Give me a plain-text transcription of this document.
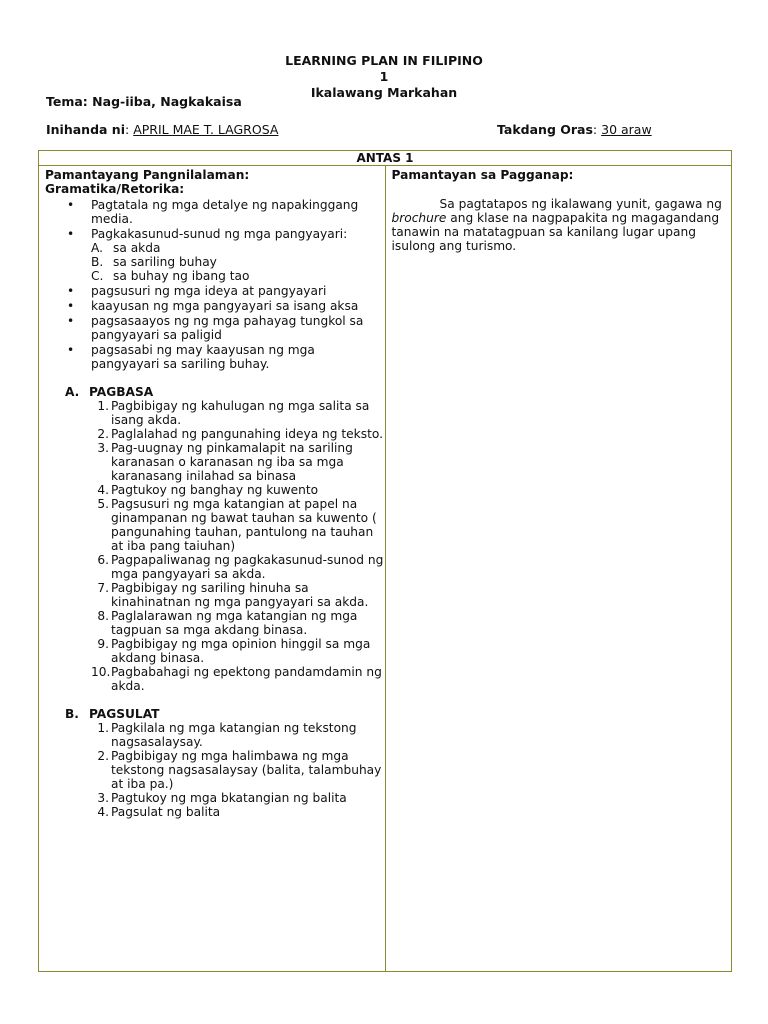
LEARNING PLAN IN FILIPINO
1
Ikalawang Markahan
Tema: Nag-iiba, Nagkakaisa
Inihanda ni: APRIL MAE T. LAGROSA	Takdang Oras: 30 araw
ANTAS 1

Pamantayang Pangnilalaman:
Gramatika/Retorika:
• Pagtatala ng mga detalye ng napakinggang media.
• Pagkakasunud-sunud ng mga pangyayari:
A. sa akda
B. sa sariling buhay
C. sa buhay ng ibang tao
• pagsusuri ng mga ideya at pangyayari
• kaayusan ng mga pangyayari sa isang aksa
• pagsasaayos ng ng mga pahayag tungkol sa pangyayari sa paligid
• pagsasabi ng may kaayusan ng mga pangyayari sa sariling buhay.
A. PAGBASA
1. Pagbibigay ng kahulugan ng mga salita sa isang akda.
2. Paglalahad ng pangunahing ideya ng teksto.
3. Pag-uugnay ng pinkamalapit na sariling karanasan o karanasan ng iba sa mga karanasang inilahad sa binasa
4. Pagtukoy ng banghay ng kuwento
5. Pagsusuri ng mga katangian at papel na ginampanan ng bawat tauhan sa kuwento ( pangunahing tauhan, pantulong na tauhan at iba pang taiuhan)
6. Pagpapaliwanag ng pagkakasunud-sunod ng mga pangyayari sa akda.
7. Pagbibigay ng sariling hinuha sa kinahinatnan ng mga pangyayari sa akda.
8. Paglalarawan ng mga katangian ng mga tagpuan sa mga akdang binasa.
9. Pagbibigay ng mga opinion hinggil sa mga akdang binasa.
10. Pagbabahagi ng epektong pandamdamin ng akda.
B. PAGSULAT
1. Pagkilala ng mga katangian ng tekstong nagsasalaysay.
2. Pagbibigay ng mga halimbawa ng mga tekstong nagsasalaysay (balita, talambuhay at iba pa.)
3. Pagtukoy ng mga bkatangian ng balita
4. Pagsulat ng balita

Pamantayan sa Pagganap:
Sa pagtatapos ng ikalawang yunit, gagawa ng brochure ang klase na nagpapakita ng magagandang tanawin na matatagpuan sa kanilang lugar upang isulong ang turismo.
